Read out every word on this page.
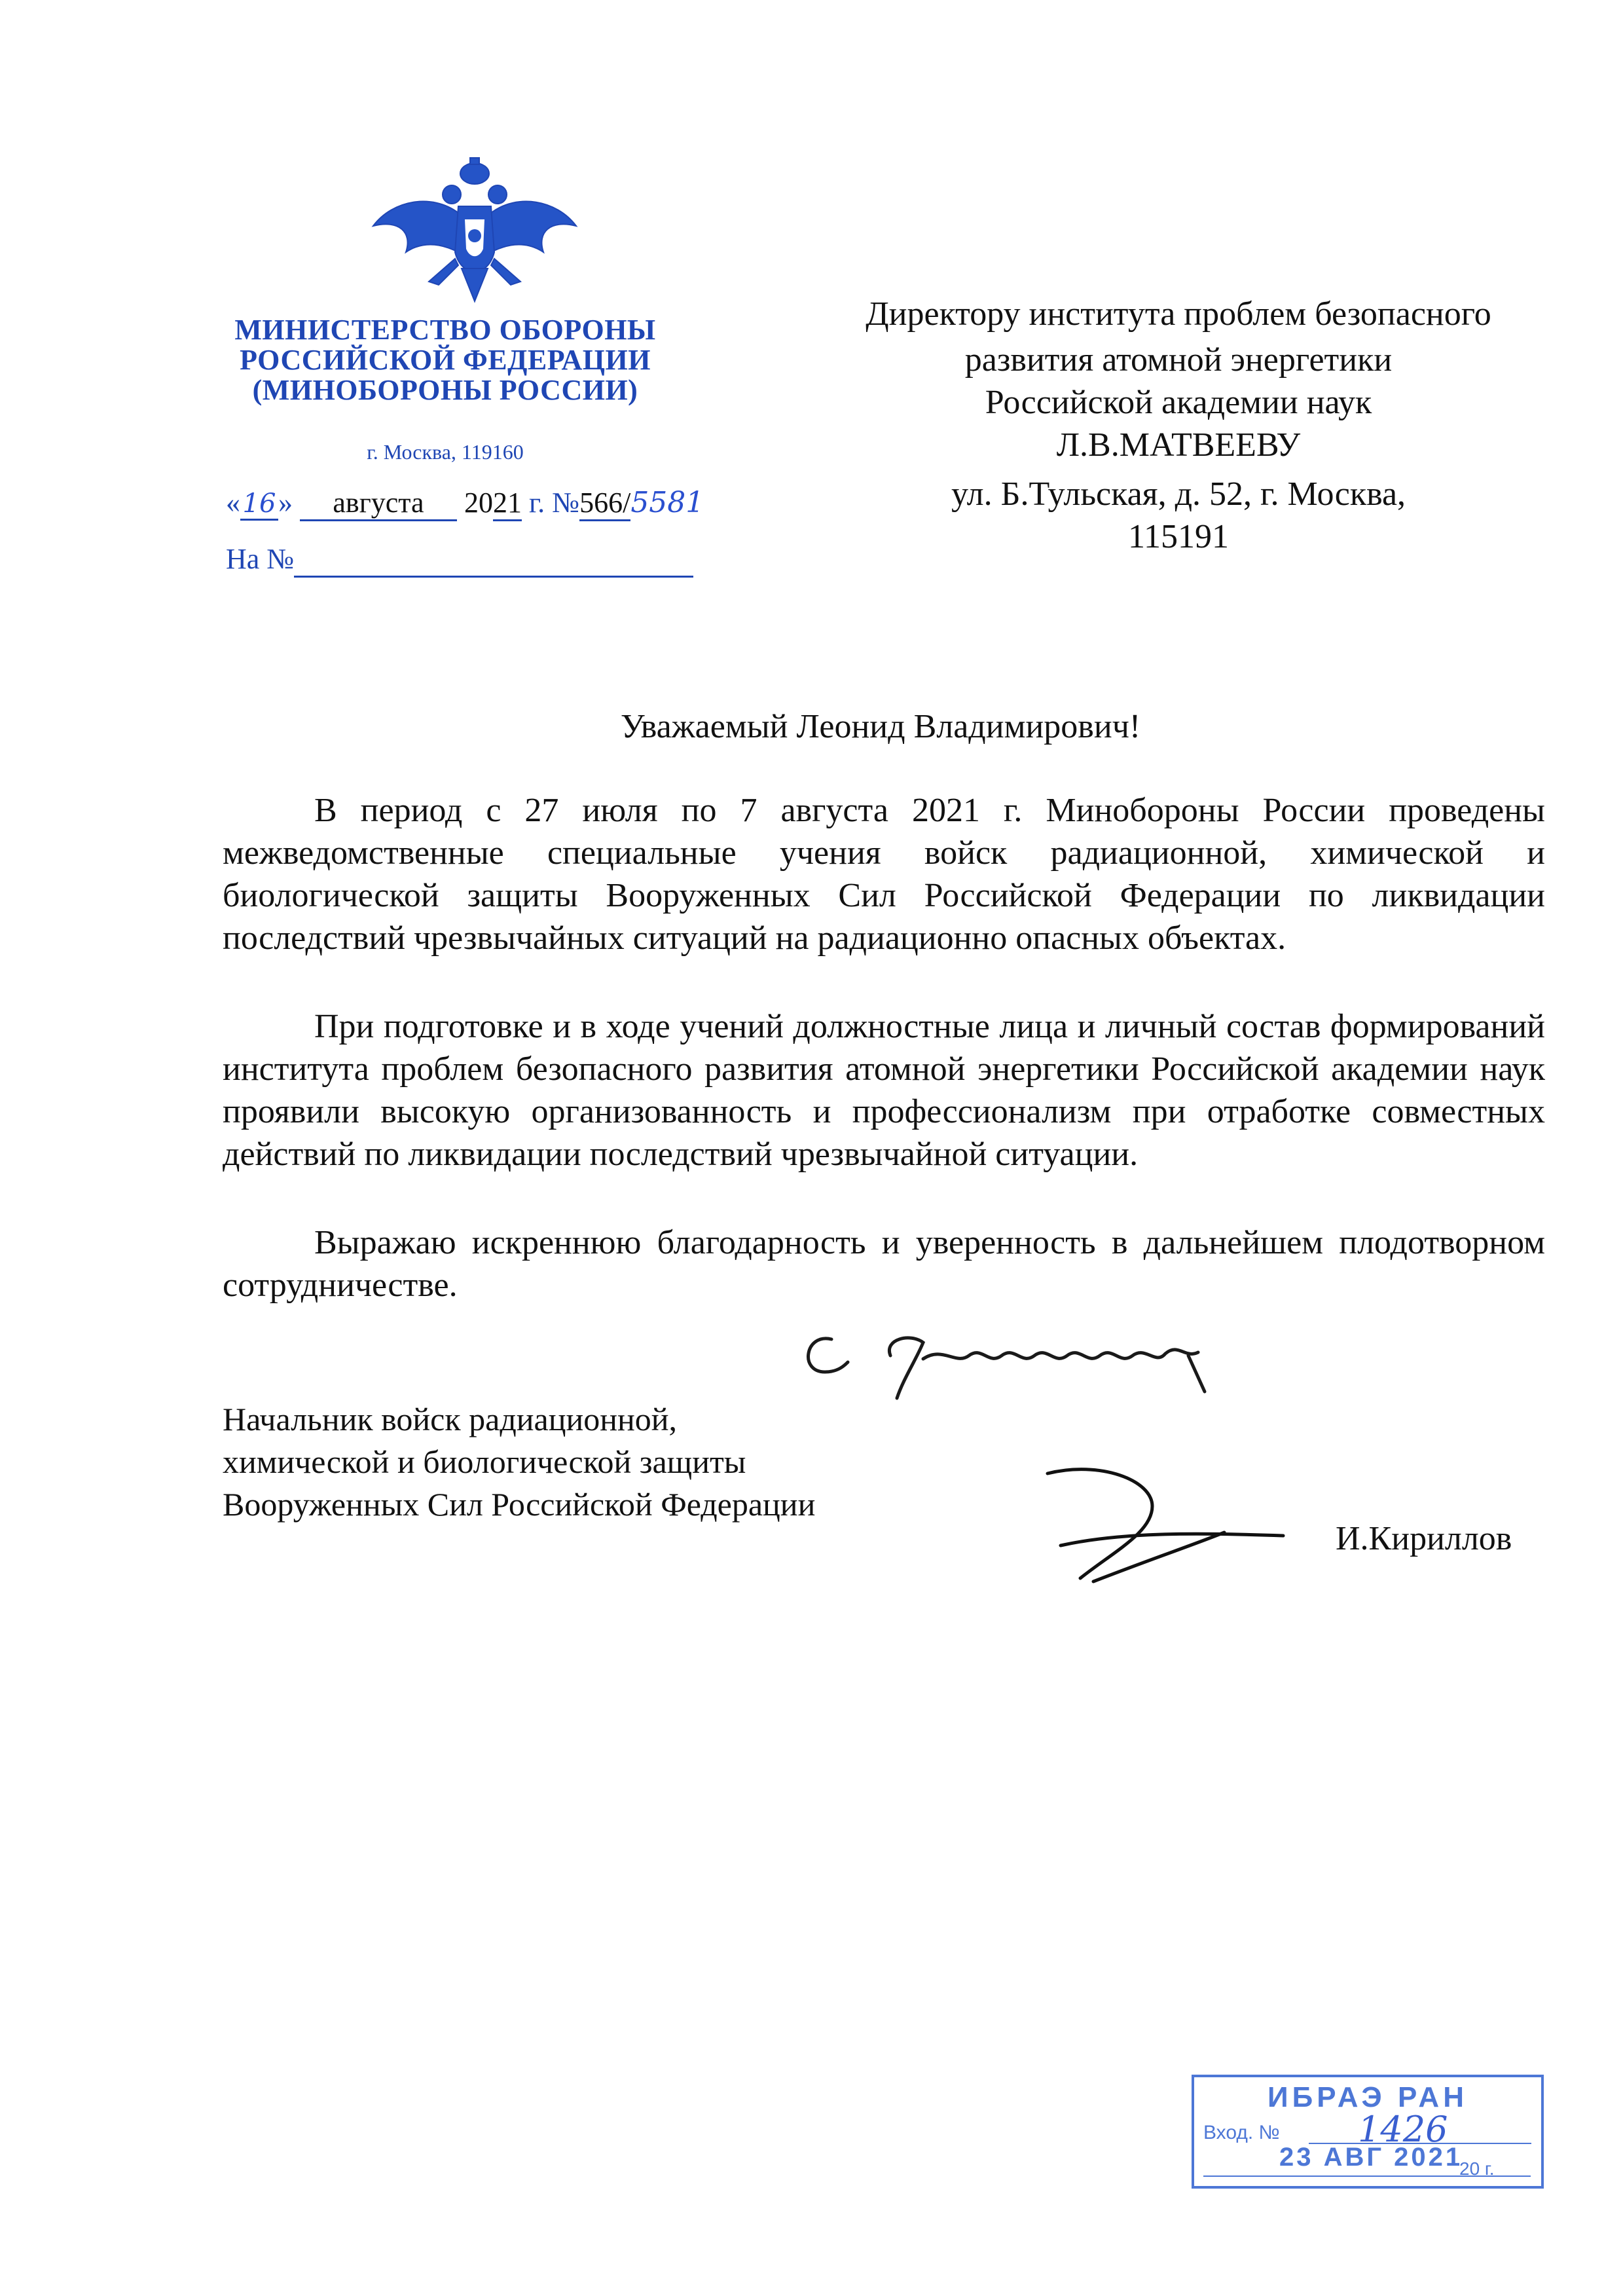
МИНИСТЕРСТВО ОБОРОНЫ
РОССИЙСКОЙ ФЕДЕРАЦИИ
(МИНОБОРОНЫ РОССИИ)
г. Москва, 119160
«16» августа 2021 г. №566/5581
На №
Директору института проблем безопасного
развития атомной энергетики
Российской академии наук
Л.В.МАТВЕЕВУ
ул. Б.Тульская, д. 52, г. Москва,
115191
Уважаемый Леонид Владимирович!
В период с 27 июля по 7 августа 2021 г. Минобороны России проведены межведомственные специальные учения войск радиационной, химической и биологической защиты Вооруженных Сил Российской Федерации по ликвидации последствий чрезвычайных ситуаций на радиационно опасных объектах.
При подготовке и в ходе учений должностные лица и личный состав формирований института проблем безопасного развития атомной энергетики Российской академии наук проявили высокую организованность и профессионализм при отработке совместных действий по ликвидации последствий чрезвычайной ситуации.
Выражаю искреннюю благодарность и уверенность в дальнейшем плодотворном сотрудничестве.
Начальник войск радиационной,
химической и биологической защиты
Вооруженных Сил Российской Федерации
И.Кириллов
ИБРАЭ РАН
Вход. № 1426
23 АВГ 2021
20 г.
